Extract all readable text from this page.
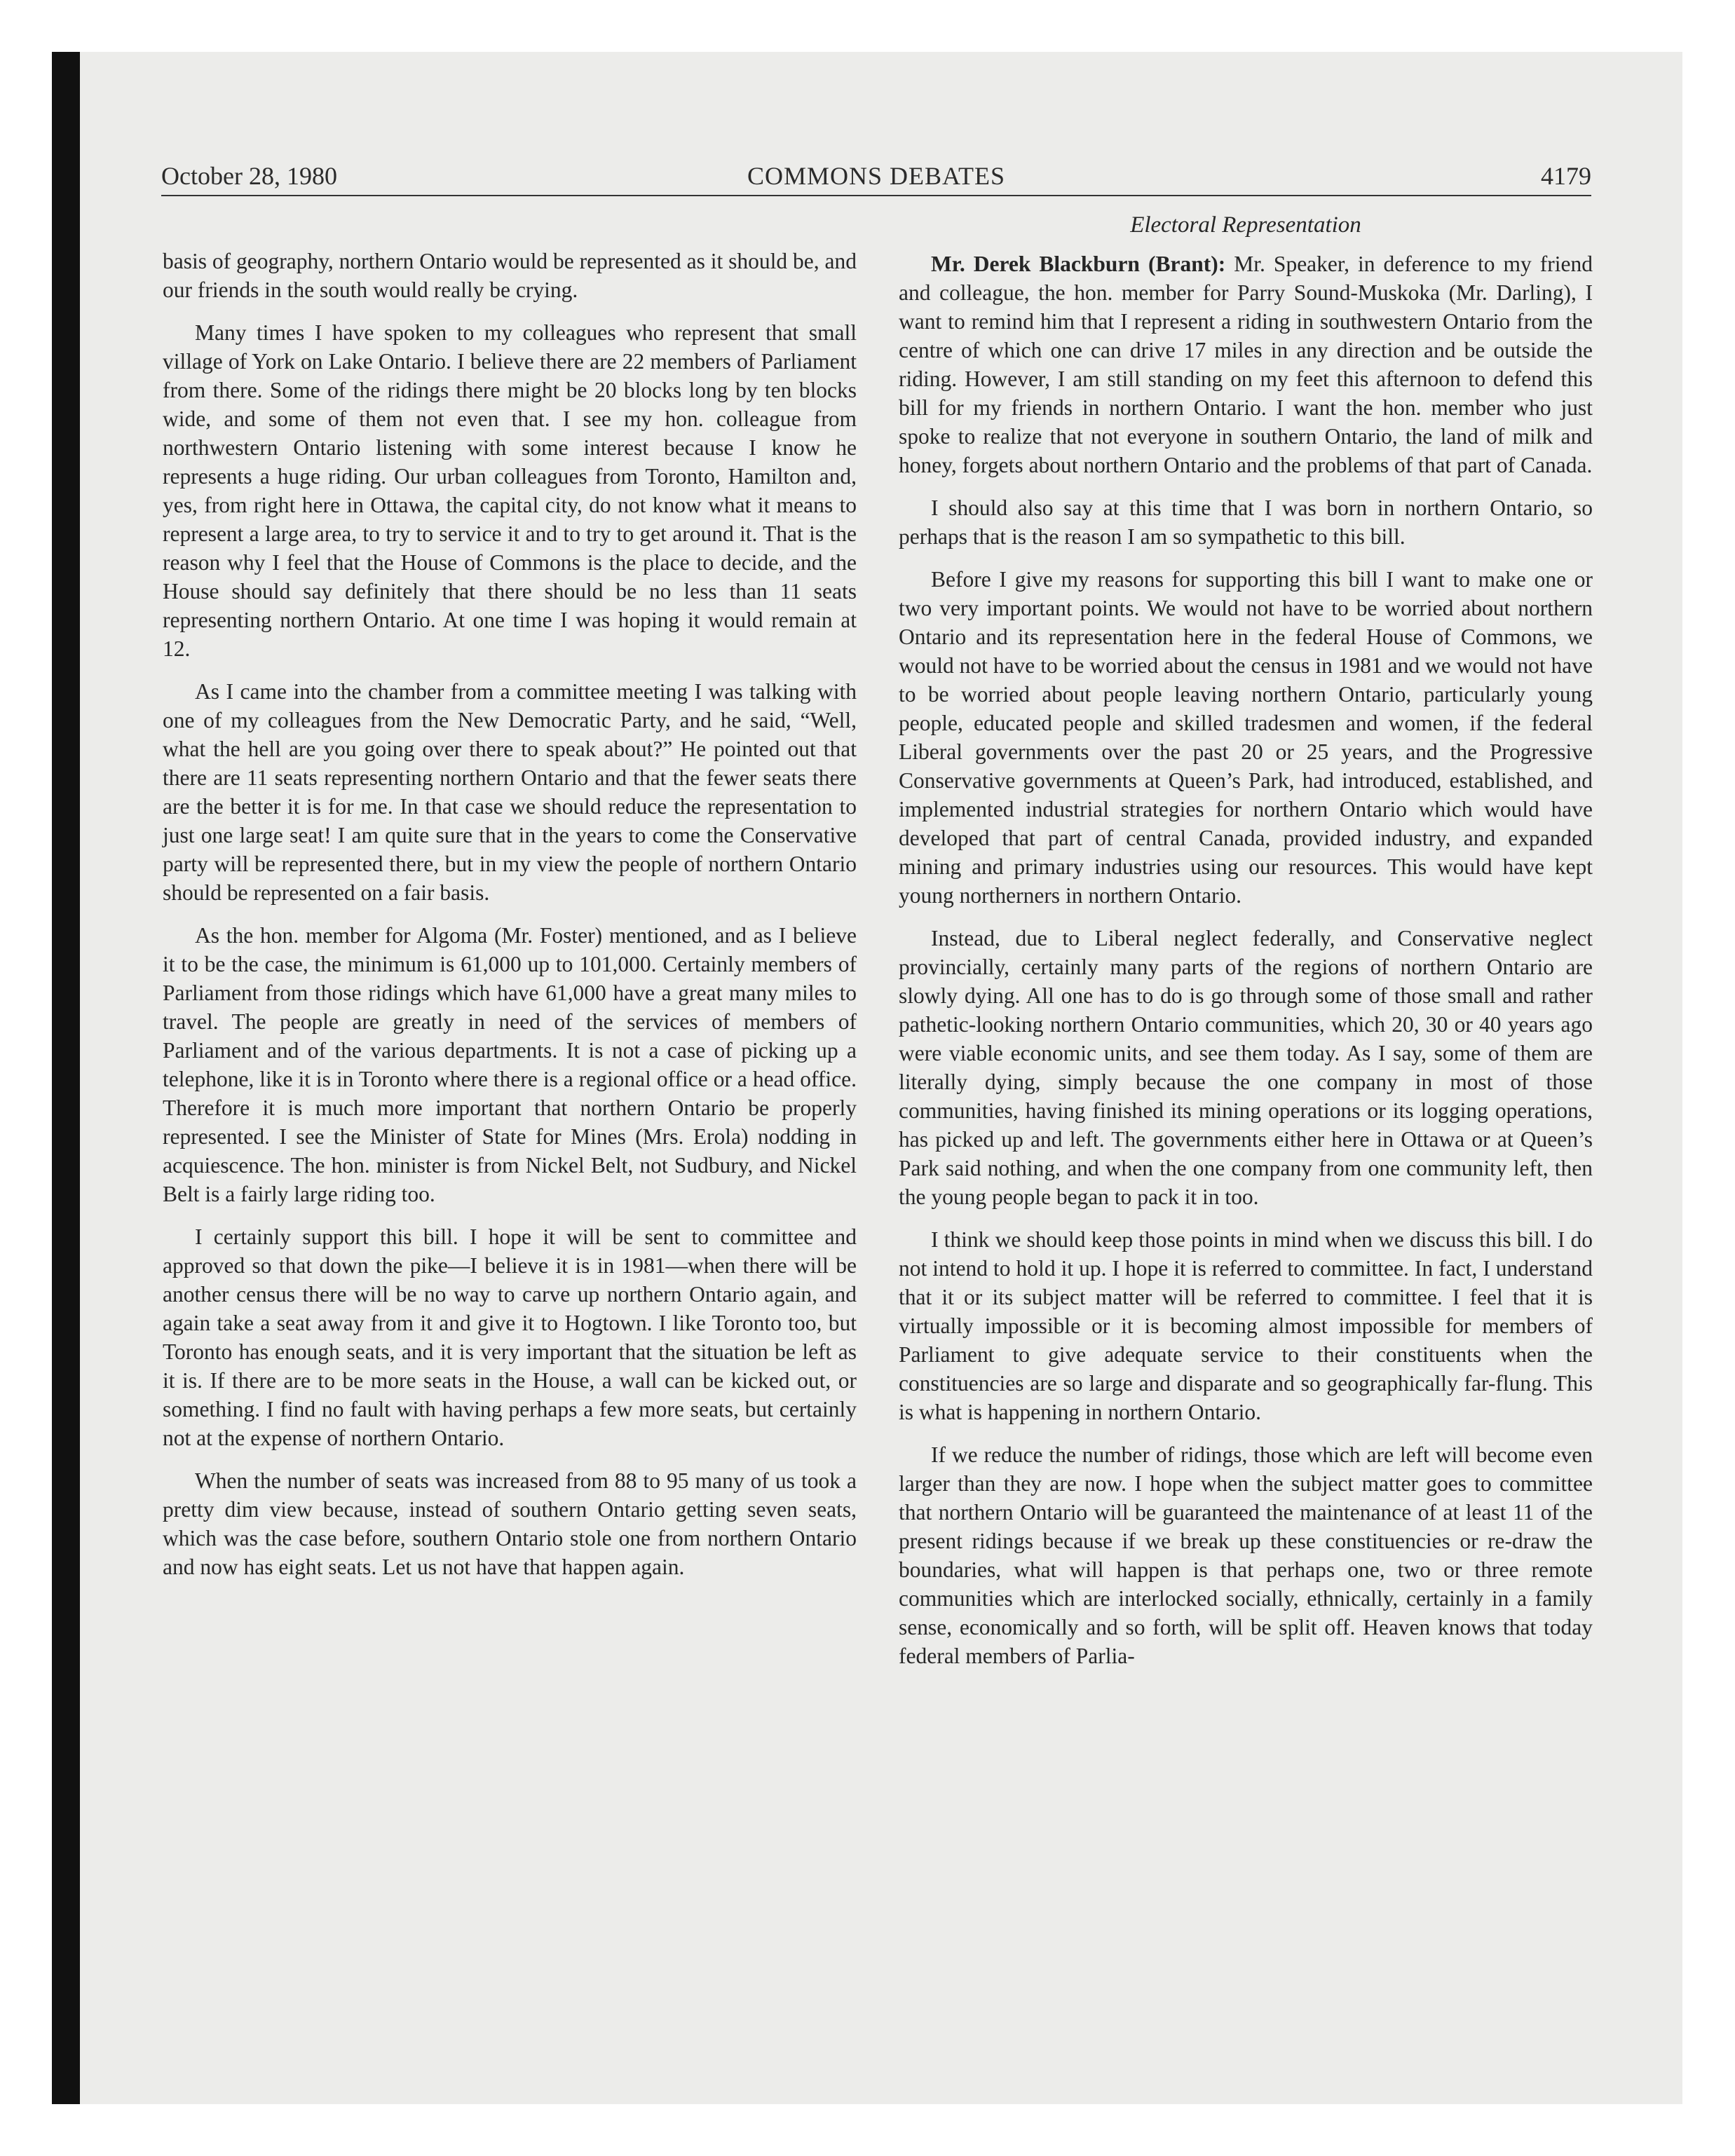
October 28, 1980	COMMONS DEBATES	4179

basis of geography, northern Ontario would be represented as it should be, and our friends in the south would really be crying.

Many times I have spoken to my colleagues who represent that small village of York on Lake Ontario. I believe there are 22 members of Parliament from there. Some of the ridings there might be 20 blocks long by ten blocks wide, and some of them not even that. I see my hon. colleague from northwestern Ontario listening with some interest because I know he represents a huge riding. Our urban colleagues from Toronto, Hamilton and, yes, from right here in Ottawa, the capital city, do not know what it means to represent a large area, to try to service it and to try to get around it. That is the reason why I feel that the House of Commons is the place to decide, and the House should say definitely that there should be no less than 11 seats representing northern Ontario. At one time I was hoping it would remain at 12.

As I came into the chamber from a committee meeting I was talking with one of my colleagues from the New Democratic Party, and he said, “Well, what the hell are you going over there to speak about?” He pointed out that there are 11 seats representing northern Ontario and that the fewer seats there are the better it is for me. In that case we should reduce the representation to just one large seat! I am quite sure that in the years to come the Conservative party will be represented there, but in my view the people of northern Ontario should be represented on a fair basis.

As the hon. member for Algoma (Mr. Foster) mentioned, and as I believe it to be the case, the minimum is 61,000 up to 101,000. Certainly members of Parliament from those ridings which have 61,000 have a great many miles to travel. The people are greatly in need of the services of members of Parliament and of the various departments. It is not a case of picking up a telephone, like it is in Toronto where there is a regional office or a head office. Therefore it is much more important that northern Ontario be properly represented. I see the Minister of State for Mines (Mrs. Erola) nodding in acquiescence. The hon. minister is from Nickel Belt, not Sudbury, and Nickel Belt is a fairly large riding too.

I certainly support this bill. I hope it will be sent to committee and approved so that down the pike—I believe it is in 1981—when there will be another census there will be no way to carve up northern Ontario again, and again take a seat away from it and give it to Hogtown. I like Toronto too, but Toronto has enough seats, and it is very important that the situation be left as it is. If there are to be more seats in the House, a wall can be kicked out, or something. I find no fault with having perhaps a few more seats, but certainly not at the expense of northern Ontario.

When the number of seats was increased from 88 to 95 many of us took a pretty dim view because, instead of southern Ontario getting seven seats, which was the case before, southern Ontario stole one from northern Ontario and now has eight seats. Let us not have that happen again.

Electoral Representation

Mr. Derek Blackburn (Brant): Mr. Speaker, in deference to my friend and colleague, the hon. member for Parry Sound-Muskoka (Mr. Darling), I want to remind him that I represent a riding in southwestern Ontario from the centre of which one can drive 17 miles in any direction and be outside the riding. However, I am still standing on my feet this afternoon to defend this bill for my friends in northern Ontario. I want the hon. member who just spoke to realize that not everyone in southern Ontario, the land of milk and honey, forgets about northern Ontario and the problems of that part of Canada.

I should also say at this time that I was born in northern Ontario, so perhaps that is the reason I am so sympathetic to this bill.

Before I give my reasons for supporting this bill I want to make one or two very important points. We would not have to be worried about northern Ontario and its representation here in the federal House of Commons, we would not have to be worried about the census in 1981 and we would not have to be worried about people leaving northern Ontario, particularly young people, educated people and skilled tradesmen and women, if the federal Liberal governments over the past 20 or 25 years, and the Progressive Conservative governments at Queen’s Park, had introduced, established, and implemented industrial strategies for northern Ontario which would have developed that part of central Canada, provided industry, and expanded mining and primary industries using our resources. This would have kept young northerners in northern Ontario.

Instead, due to Liberal neglect federally, and Conservative neglect provincially, certainly many parts of the regions of northern Ontario are slowly dying. All one has to do is go through some of those small and rather pathetic-looking northern Ontario communities, which 20, 30 or 40 years ago were viable economic units, and see them today. As I say, some of them are literally dying, simply because the one company in most of those communities, having finished its mining operations or its logging operations, has picked up and left. The governments either here in Ottawa or at Queen’s Park said nothing, and when the one company from one community left, then the young people began to pack it in too.

I think we should keep those points in mind when we discuss this bill. I do not intend to hold it up. I hope it is referred to committee. In fact, I understand that it or its subject matter will be referred to committee. I feel that it is virtually impossible or it is becoming almost impossible for members of Parliament to give adequate service to their constituents when the constituencies are so large and disparate and so geographically far-flung. This is what is happening in northern Ontario.

If we reduce the number of ridings, those which are left will become even larger than they are now. I hope when the subject matter goes to committee that northern Ontario will be guaranteed the maintenance of at least 11 of the present ridings because if we break up these constituencies or re-draw the boundaries, what will happen is that perhaps one, two or three remote communities which are interlocked socially, ethnically, certainly in a family sense, economically and so forth, will be split off. Heaven knows that today federal members of Parlia-
